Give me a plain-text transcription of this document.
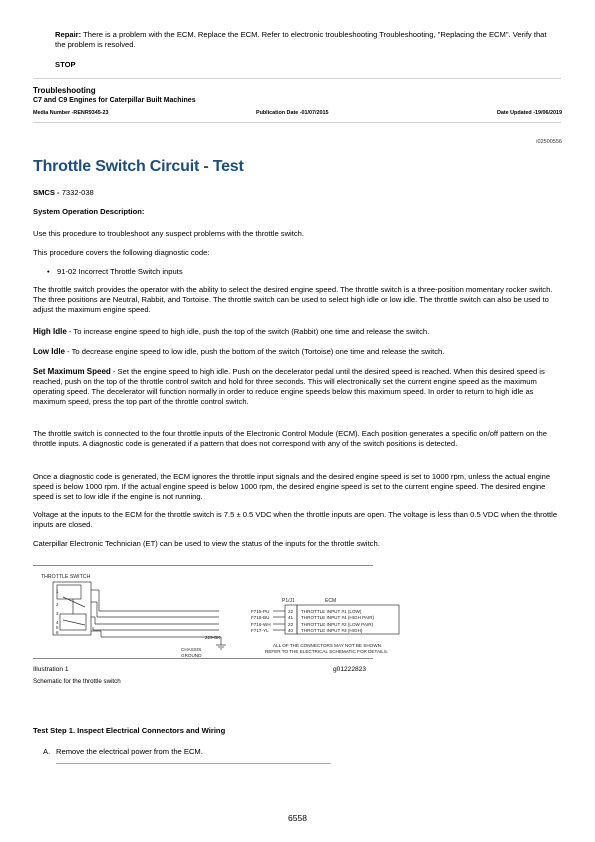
Repair: There is a problem with the ECM. Replace the ECM. Refer to electronic troubleshooting Troubleshooting, "Replacing the ECM". Verify that the problem is resolved.
STOP
Troubleshooting
C7 and C9 Engines for Caterpillar Built Machines
Media Number -RENR9345-23	Publication Date -01/07/2015	Date Updated -19/06/2019
i02500556
Throttle Switch Circuit - Test
SMCS - 7332-038
System Operation Description:
Use this procedure to troubleshoot any suspect problems with the throttle switch.
This procedure covers the following diagnostic code:
• 91-02 Incorrect Throttle Switch inputs
The throttle switch provides the operator with the ability to select the desired engine speed. The throttle switch is a three-position momentary rocker switch. The three positions are Neutral, Rabbit, and Tortoise. The throttle switch can be used to select high idle or low idle. The throttle switch can also be used to adjust the maximum engine speed.
High Idle - To increase engine speed to high idle, push the top of the switch (Rabbit) one time and release the switch.
Low Idle - To decrease engine speed to low idle, push the bottom of the switch (Tortoise) one time and release the switch.
Set Maximum Speed - Set the engine speed to high idle. Push on the decelerator pedal until the desired speed is reached. When this desired speed is reached, push on the top of the throttle control switch and hold for three seconds. This will electronically set the current engine speed as the maximum operating speed. The decelerator will function normally in order to reduce engine speeds below this maximum speed. In order to return to high idle as maximum speed, press the top part of the throttle control switch.
The throttle switch is connected to the four throttle inputs of the Electronic Control Module (ECM). Each position generates a specific on/off pattern on the throttle inputs. A diagnostic code is generated if a pattern that does not correspond with any of the switch positions is detected.
Once a diagnostic code is generated, the ECM ignores the throttle input signals and the desired engine speed is set to 1000 rpm, unless the actual engine speed is below 1000 rpm. If the actual engine speed is below 1000 rpm, the desired engine speed is set to the current engine speed. The desired engine speed is set to low idle if the engine is not running.
Voltage at the inputs to the ECM for the throttle switch is 7.5 ± 0.5 VDC when the throttle inputs are open. The voltage is less than 0.5 VDC when the throttle inputs are closed.
Caterpillar Electronic Technician (ET) can be used to view the status of the inputs for the throttle switch.
THROTTLE SWITCH
1
2
3
4
5
6
P1/J1	ECM
F715-PU
F718-BU
F716-WH
F717-YL
22
41
23
40
THROTTLE INPUT #1 (LOW)
THROTTLE INPUT #4 (HIGH PAIR)
THROTTLE INPUT #2 (LOW PAIR)
THROTTLE INPUT #3 (HIGH)
229-BK
CHASSIS
GROUND
ALL OF THE CONNECTORS MAY NOT BE SHOWN.
REFER TO THE ELECTRICAL SCHEMATIC FOR DETAILS.
Illustration 1	g01222823
Schematic for the throttle switch
Test Step 1. Inspect Electrical Connectors and Wiring
A. Remove the electrical power from the ECM.
6558
